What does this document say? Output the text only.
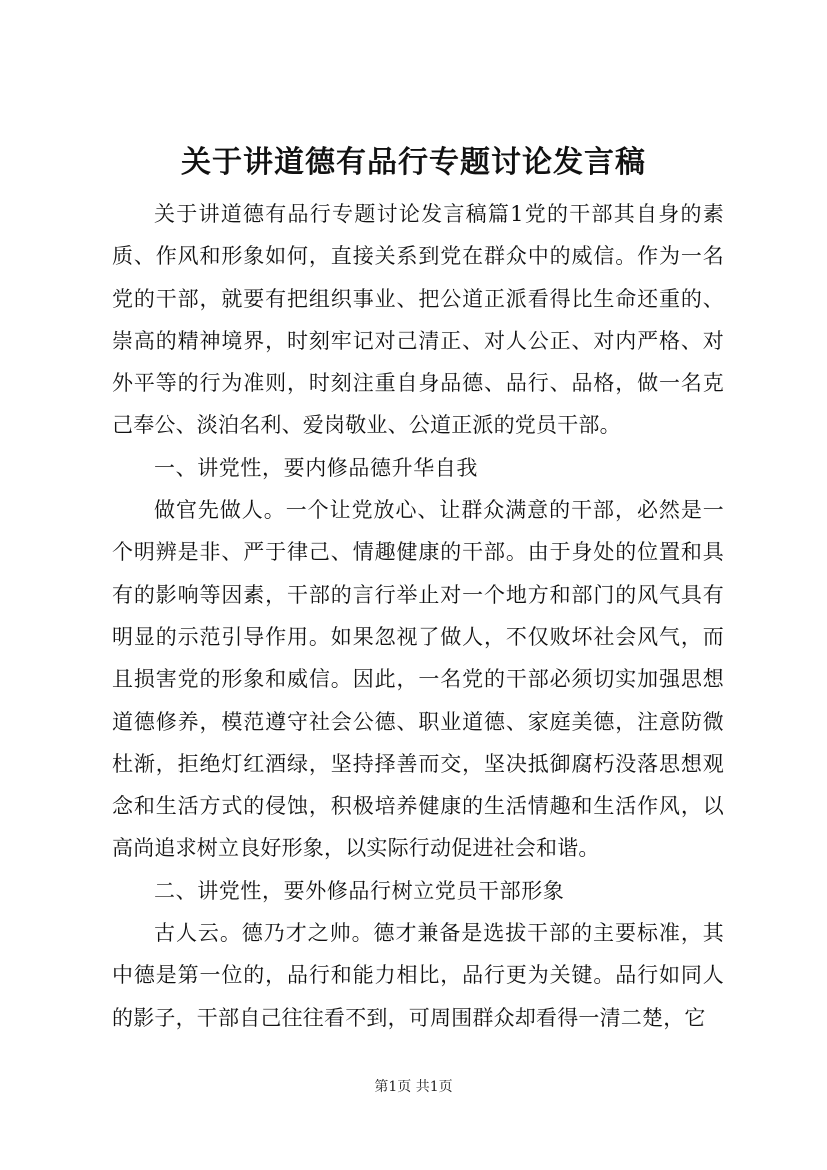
关于讲道德有品行专题讨论发言稿

关于讲道德有品行专题讨论发言稿篇1党的干部其自身的素质、作风和形象如何，直接关系到党在群众中的威信。作为一名党的干部，就要有把组织事业、把公道正派看得比生命还重的、崇高的精神境界，时刻牢记对己清正、对人公正、对内严格、对外平等的行为准则，时刻注重自身品德、品行、品格，做一名克己奉公、淡泊名利、爱岗敬业、公道正派的党员干部。

一、讲党性，要内修品德升华自我

做官先做人。一个让党放心、让群众满意的干部，必然是一个明辨是非、严于律己、情趣健康的干部。由于身处的位置和具有的影响等因素，干部的言行举止对一个地方和部门的风气具有明显的示范引导作用。如果忽视了做人，不仅败坏社会风气，而且损害党的形象和威信。因此，一名党的干部必须切实加强思想道德修养，模范遵守社会公德、职业道德、家庭美德，注意防微杜渐，拒绝灯红酒绿，坚持择善而交，坚决抵御腐朽没落思想观念和生活方式的侵蚀，积极培养健康的生活情趣和生活作风，以高尚追求树立良好形象，以实际行动促进社会和谐。

二、讲党性，要外修品行树立党员干部形象

古人云。德乃才之帅。德才兼备是选拔干部的主要标准，其中德是第一位的，品行和能力相比，品行更为关键。品行如同人的影子，干部自己往往看不到，可周围群众却看得一清二楚，它

第1页 共1页
